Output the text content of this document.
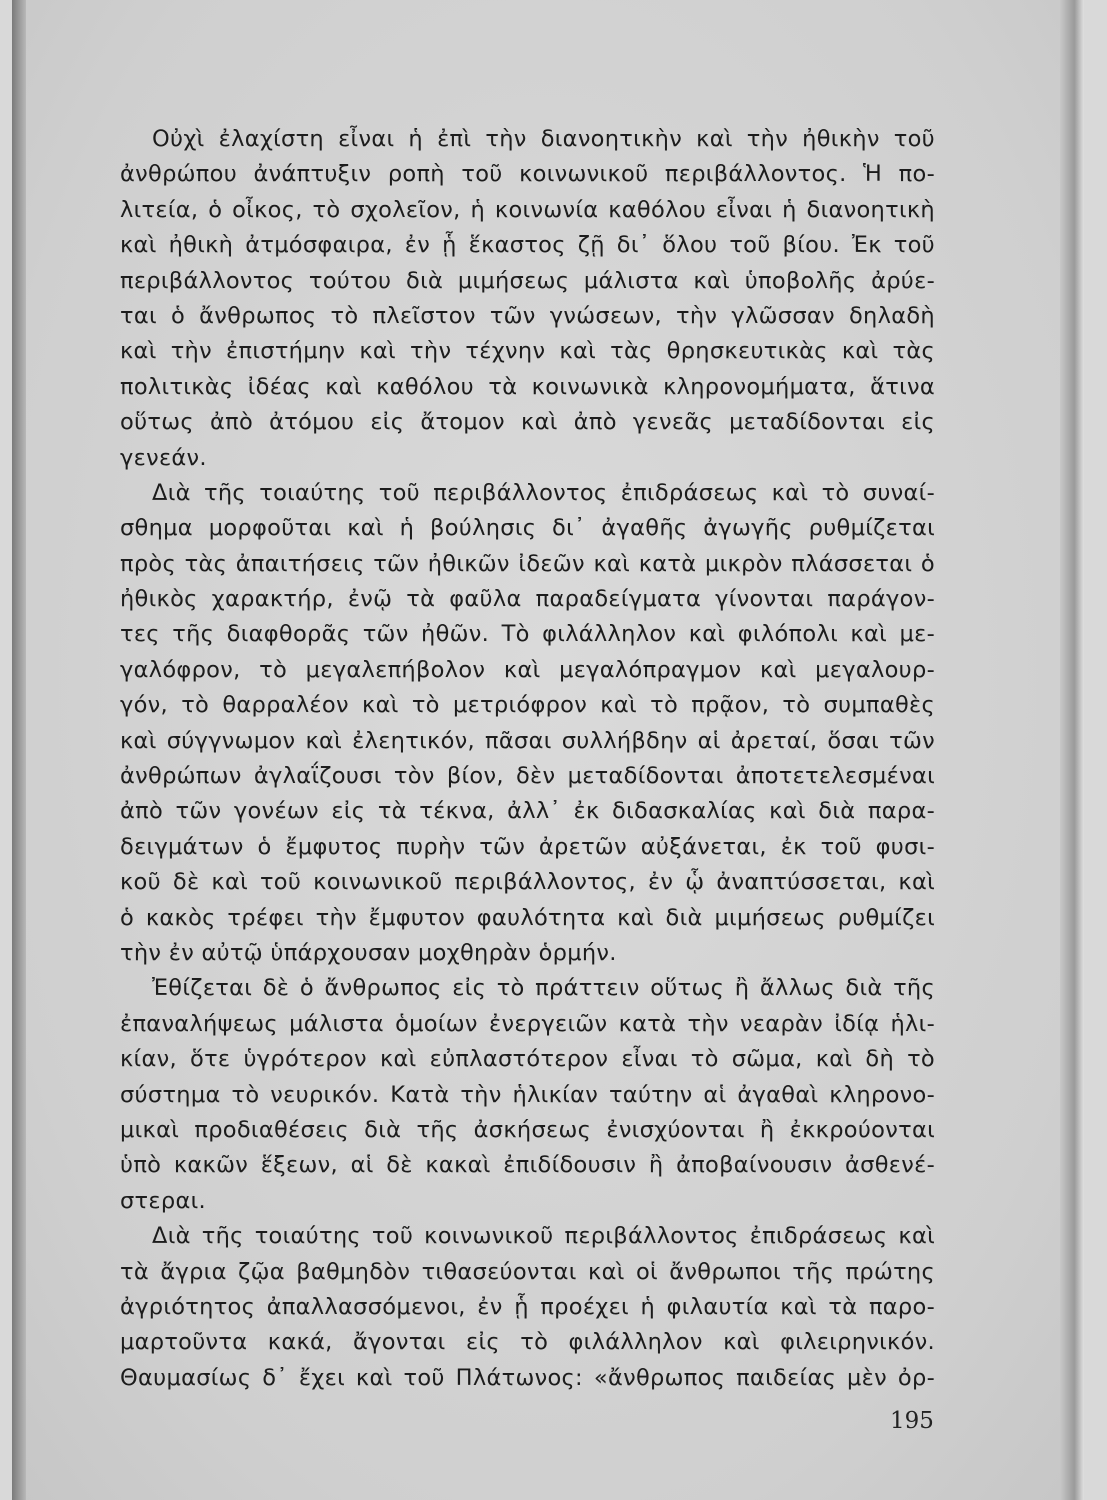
Οὐχὶ ἐλαχίστη εἶναι ἡ ἐπὶ τὴν διανοητικὴν καὶ τὴν ἠθικὴν τοῦ
ἀνθρώπου ἀνάπτυξιν ροπὴ τοῦ κοινωνικοῦ περιβάλλοντος. Ἡ πο-
λιτεία, ὁ οἶκος, τὸ σχολεῖον, ἡ κοινωνία καθόλου εἶναι ἡ διανοητικὴ
καὶ ἠθικὴ ἀτμόσφαιρα, ἐν ᾗ ἕκαστος ζῇ δι᾽ ὅλου τοῦ βίου. Ἐκ τοῦ
περιβάλλοντος τούτου διὰ μιμήσεως μάλιστα καὶ ὑποβολῆς ἀρύε-
ται ὁ ἄνθρωπος τὸ πλεῖστον τῶν γνώσεων, τὴν γλῶσσαν δηλαδὴ
καὶ τὴν ἐπιστήμην καὶ τὴν τέχνην καὶ τὰς θρησκευτικὰς καὶ τὰς
πολιτικὰς ἰδέας καὶ καθόλου τὰ κοινωνικὰ κληρονομήματα, ἅτινα
οὕτως ἀπὸ ἀτόμου εἰς ἄτομον καὶ ἀπὸ γενεᾶς μεταδίδονται εἰς
γενεάν.
Διὰ τῆς τοιαύτης τοῦ περιβάλλοντος ἐπιδράσεως καὶ τὸ συναί-
σθημα μορφοῦται καὶ ἡ βούλησις δι᾽ ἀγαθῆς ἀγωγῆς ρυθμίζεται
πρὸς τὰς ἀπαιτήσεις τῶν ἠθικῶν ἰδεῶν καὶ κατὰ μικρὸν πλάσσεται ὁ
ἠθικὸς χαρακτήρ, ἐνῷ τὰ φαῦλα παραδείγματα γίνονται παράγον-
τες τῆς διαφθορᾶς τῶν ἠθῶν. Τὸ φιλάλληλον καὶ φιλόπολι καὶ με-
γαλόφρον, τὸ μεγαλεπήβολον καὶ μεγαλόπραγμον καὶ μεγαλουρ-
γόν, τὸ θαρραλέον καὶ τὸ μετριόφρον καὶ τὸ πρᾷον, τὸ συμπαθὲς
καὶ σύγγνωμον καὶ ἐλεητικόν, πᾶσαι συλλήβδην αἱ ἀρεταί, ὅσαι τῶν
ἀνθρώπων ἀγλαΐζουσι τὸν βίον, δὲν μεταδίδονται ἀποτετελεσμέναι
ἀπὸ τῶν γονέων εἰς τὰ τέκνα, ἀλλ᾽ ἐκ διδασκαλίας καὶ διὰ παρα-
δειγμάτων ὁ ἔμφυτος πυρὴν τῶν ἀρετῶν αὐξάνεται, ἐκ τοῦ φυσι-
κοῦ δὲ καὶ τοῦ κοινωνικοῦ περιβάλλοντος, ἐν ᾧ ἀναπτύσσεται, καὶ
ὁ κακὸς τρέφει τὴν ἔμφυτον φαυλότητα καὶ διὰ μιμήσεως ρυθμίζει
τὴν ἐν αὐτῷ ὑπάρχουσαν μοχθηρὰν ὁρμήν.
Ἐθίζεται δὲ ὁ ἄνθρωπος εἰς τὸ πράττειν οὕτως ἢ ἄλλως διὰ τῆς
ἐπαναλήψεως μάλιστα ὁμοίων ἐνεργειῶν κατὰ τὴν νεαρὰν ἰδίᾳ ἡλι-
κίαν, ὅτε ὑγρότερον καὶ εὐπλαστότερον εἶναι τὸ σῶμα, καὶ δὴ τὸ
σύστημα τὸ νευρικόν. Κατὰ τὴν ἡλικίαν ταύτην αἱ ἀγαθαὶ κληρονο-
μικαὶ προδιαθέσεις διὰ τῆς ἀσκήσεως ἐνισχύονται ἢ ἐκκρούονται
ὑπὸ κακῶν ἕξεων, αἱ δὲ κακαὶ ἐπιδίδουσιν ἢ ἀποβαίνουσιν ἀσθενέ-
στεραι.
Διὰ τῆς τοιαύτης τοῦ κοινωνικοῦ περιβάλλοντος ἐπιδράσεως καὶ
τὰ ἄγρια ζῷα βαθμηδὸν τιθασεύονται καὶ οἱ ἄνθρωποι τῆς πρώτης
ἀγριότητος ἀπαλλασσόμενοι, ἐν ᾗ προέχει ἡ φιλαυτία καὶ τὰ παρο-
μαρτοῦντα κακά, ἄγονται εἰς τὸ φιλάλληλον καὶ φιλειρηνικόν.
Θαυμασίως δ᾽ ἔχει καὶ τοῦ Πλάτωνος: «ἄνθρωπος παιδείας μὲν ὀρ-
195
